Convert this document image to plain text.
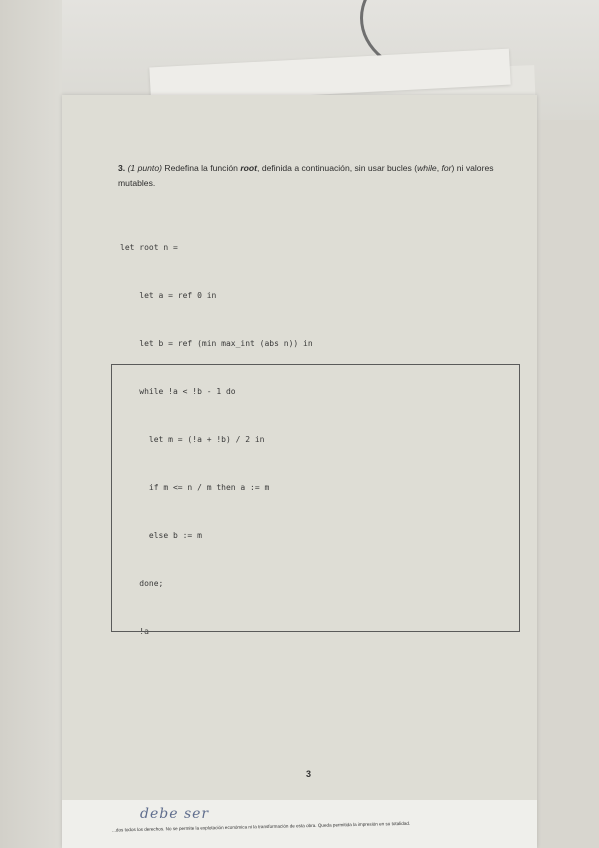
3. (1 punto) Redefina la función root, definida a continuación, sin usar bucles (while, for) ni valores mutables.

let root n =

let a = ref 0 in

let b = ref (min max_int (abs n)) in

while !a < !b - 1 do

let m = (!a + !b) / 2 in

if m <= n / m then a := m

else b := m

done;

!a

3
debe ser
...dos todos los derechos. No se permite la explotación económica ni la transformación de esta obra. Queda permitida la impresión en su totalidad.
